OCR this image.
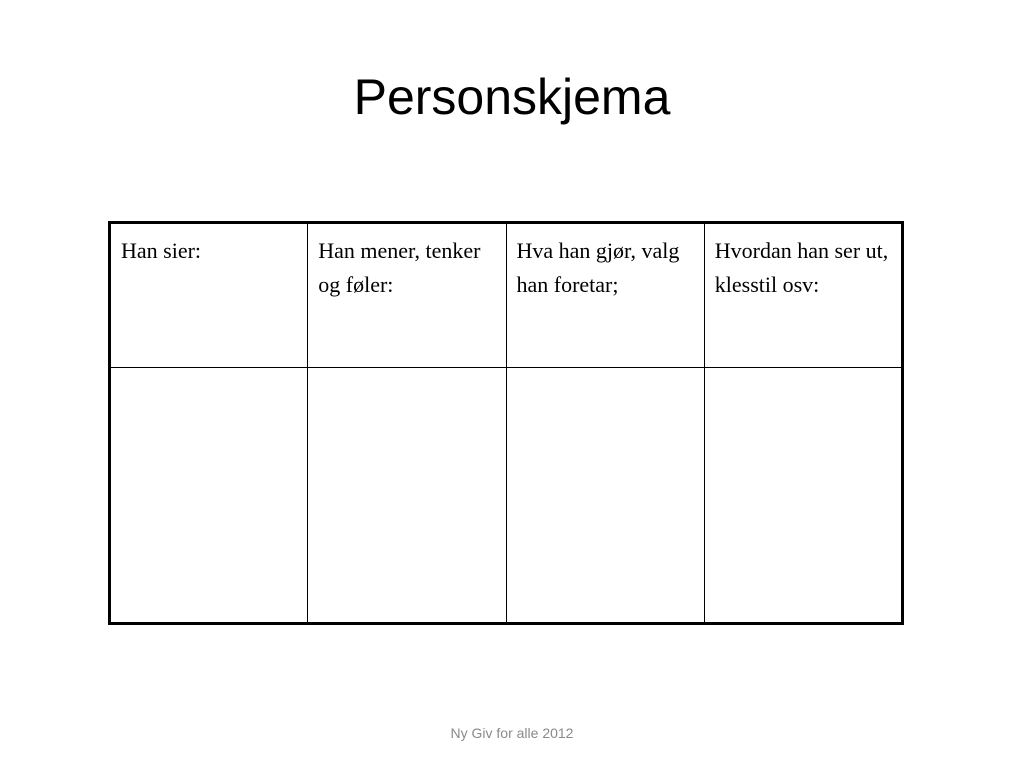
Personskjema
Han sier:	Han mener, tenker og føler:	Hva han gjør, valg han foretar;	Hvordan han ser ut, klesstil osv:

Ny Giv for alle 2012
